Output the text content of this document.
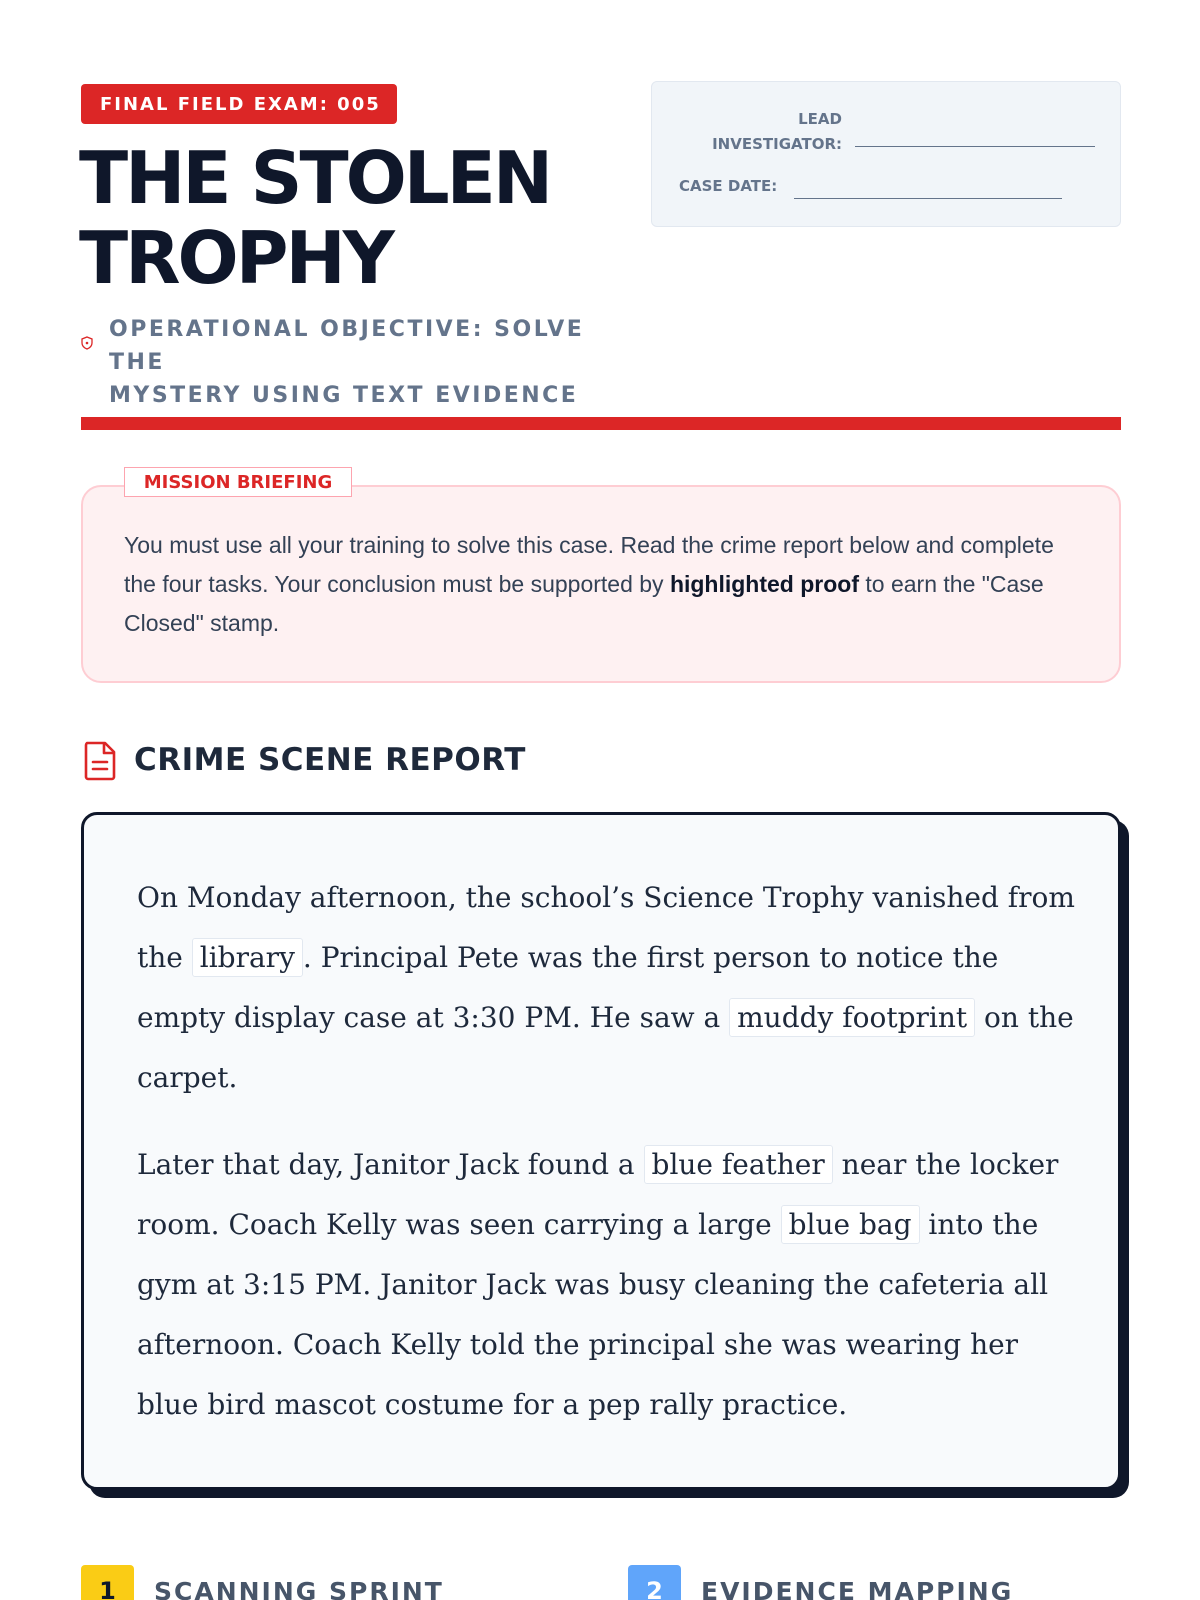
FINAL FIELD EXAM: 005
THE STOLEN
TROPHY
OPERATIONAL OBJECTIVE: SOLVE THE
MYSTERY USING TEXT EVIDENCE
LEAD
INVESTIGATOR:
CASE DATE:
MISSION BRIEFING
You must use all your training to solve this case. Read the crime report below and complete the four tasks. Your conclusion must be supported by highlighted proof to earn the "Case Closed" stamp.
CRIME SCENE REPORT
On Monday afternoon, the school’s Science Trophy vanished from the library . Principal Pete was the first person to notice the empty display case at 3:30 PM. He saw a muddy footprint on the carpet.
Later that day, Janitor Jack found a blue feather near the locker room. Coach Kelly was seen carrying a large blue bag into the gym at 3:15 PM. Janitor Jack was busy cleaning the cafeteria all afternoon. Coach Kelly told the principal she was wearing her blue bird mascot costume for a pep rally practice.
1	SCANNING SPRINT	2	EVIDENCE MAPPING
